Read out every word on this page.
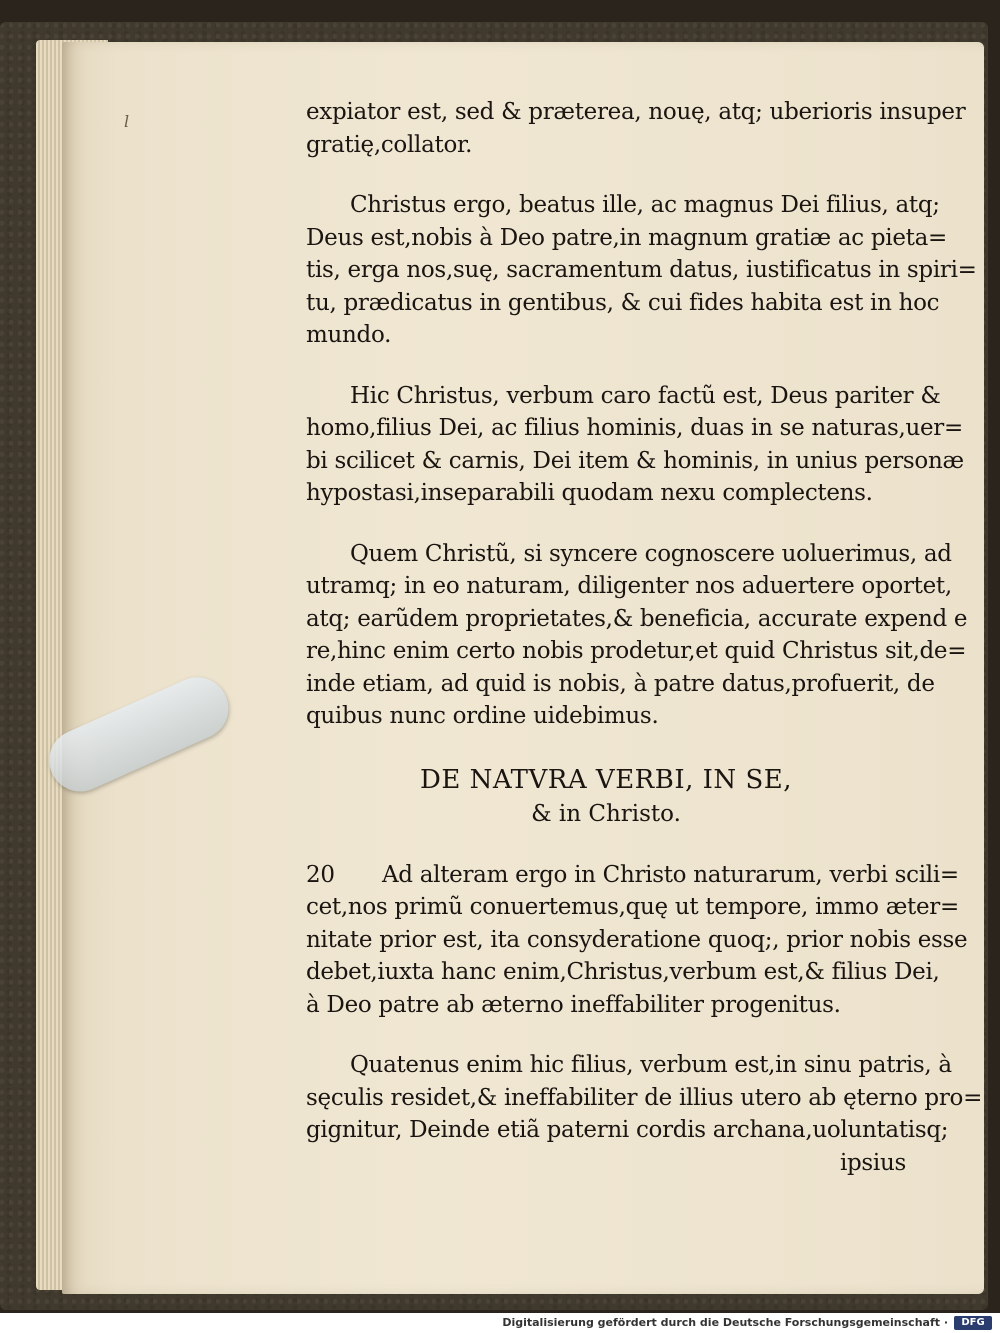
l	expiator est, sed & præterea, nouę, atq; uberioris insuper
gratię,collator.

Christus ergo, beatus ille, ac magnus Dei filius, atq;
Deus est,nobis à Deo patre,in magnum gratiæ ac pieta=
tis, erga nos,suę, sacramentum datus, iustificatus in spiri=
tu, prædicatus in gentibus, & cui fides habita est in hoc
mundo.

Hic Christus, verbum caro factũ est, Deus pariter &
homo,filius Dei, ac filius hominis, duas in se naturas,uer=
bi scilicet & carnis, Dei item & hominis, in unius personæ
hypostasi,inseparabili quodam nexu complectens.

Quem Christũ, si syncere cognoscere uoluerimus, ad
utramq; in eo naturam, diligenter nos aduertere oportet,
atq; earũdem proprietates,& beneficia, accurate expend e
re,hinc enim certo nobis prodetur,et quid Christus sit,de=
inde etiam, ad quid is nobis, à patre datus,profuerit, de
quibus nunc ordine uidebimus.

DE NATVRA VERBI, IN SE,
& in Christo.

20	Ad alteram ergo in Christo naturarum, verbi scili=
cet,nos primũ conuertemus,quę ut tempore, immo æter=
nitate prior est, ita consyderatione quoq;, prior nobis esse
debet,iuxta hanc enim,Christus,verbum est,& filius Dei,
à Deo patre ab æterno ineffabiliter progenitus.

Quatenus enim hic filius, verbum est,in sinu patris, à
sęculis residet,& ineffabiliter de illius utero ab ęterno pro=
gignitur, Deinde etiã paterni cordis archana,uoluntatisq;
ipsius

Digitalisierung gefördert durch die Deutsche Forschungsgemeinschaft ·	DFG
